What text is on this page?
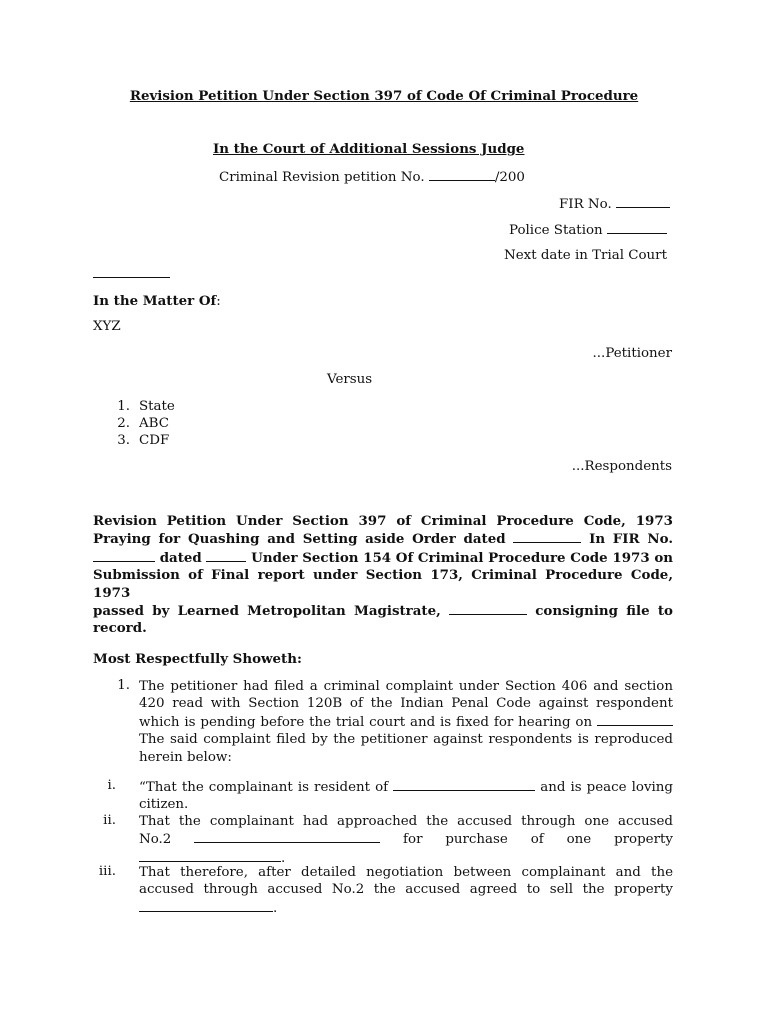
Revision Petition Under Section 397 of Code Of Criminal Procedure
In the Court of Additional Sessions Judge
Criminal Revision petition No.	/200
FIR No.
Police Station
Next date in Trial Court
In the Matter Of:
XYZ
...Petitioner
Versus
1. State
2. ABC
3. CDF
...Respondents
Revision Petition Under Section 397 of Criminal Procedure Code, 1973
Praying for Quashing and Setting aside Order dated	In FIR No.
dated	Under Section 154 Of Criminal Procedure Code 1973 on
Submission of Final report under Section 173, Criminal Procedure Code, 1973
passed by Learned Metropolitan Magistrate,	consigning file to
record.
Most Respectfully Showeth:
1. The petitioner had filed a criminal complaint under Section 406 and section
420 read with Section 120B of the Indian Penal Code against respondent
which is pending before the trial court and is fixed for hearing on
The said complaint filed by the petitioner against respondents is reproduced
herein below:
i. “That the complainant is resident of	and is peace loving
citizen.
ii. That the complainant had approached the accused through one accused
No.2	for purchase of one property
.
iii. That therefore, after detailed negotiation between complainant and the
accused through accused No.2 the accused agreed to sell the property
.
